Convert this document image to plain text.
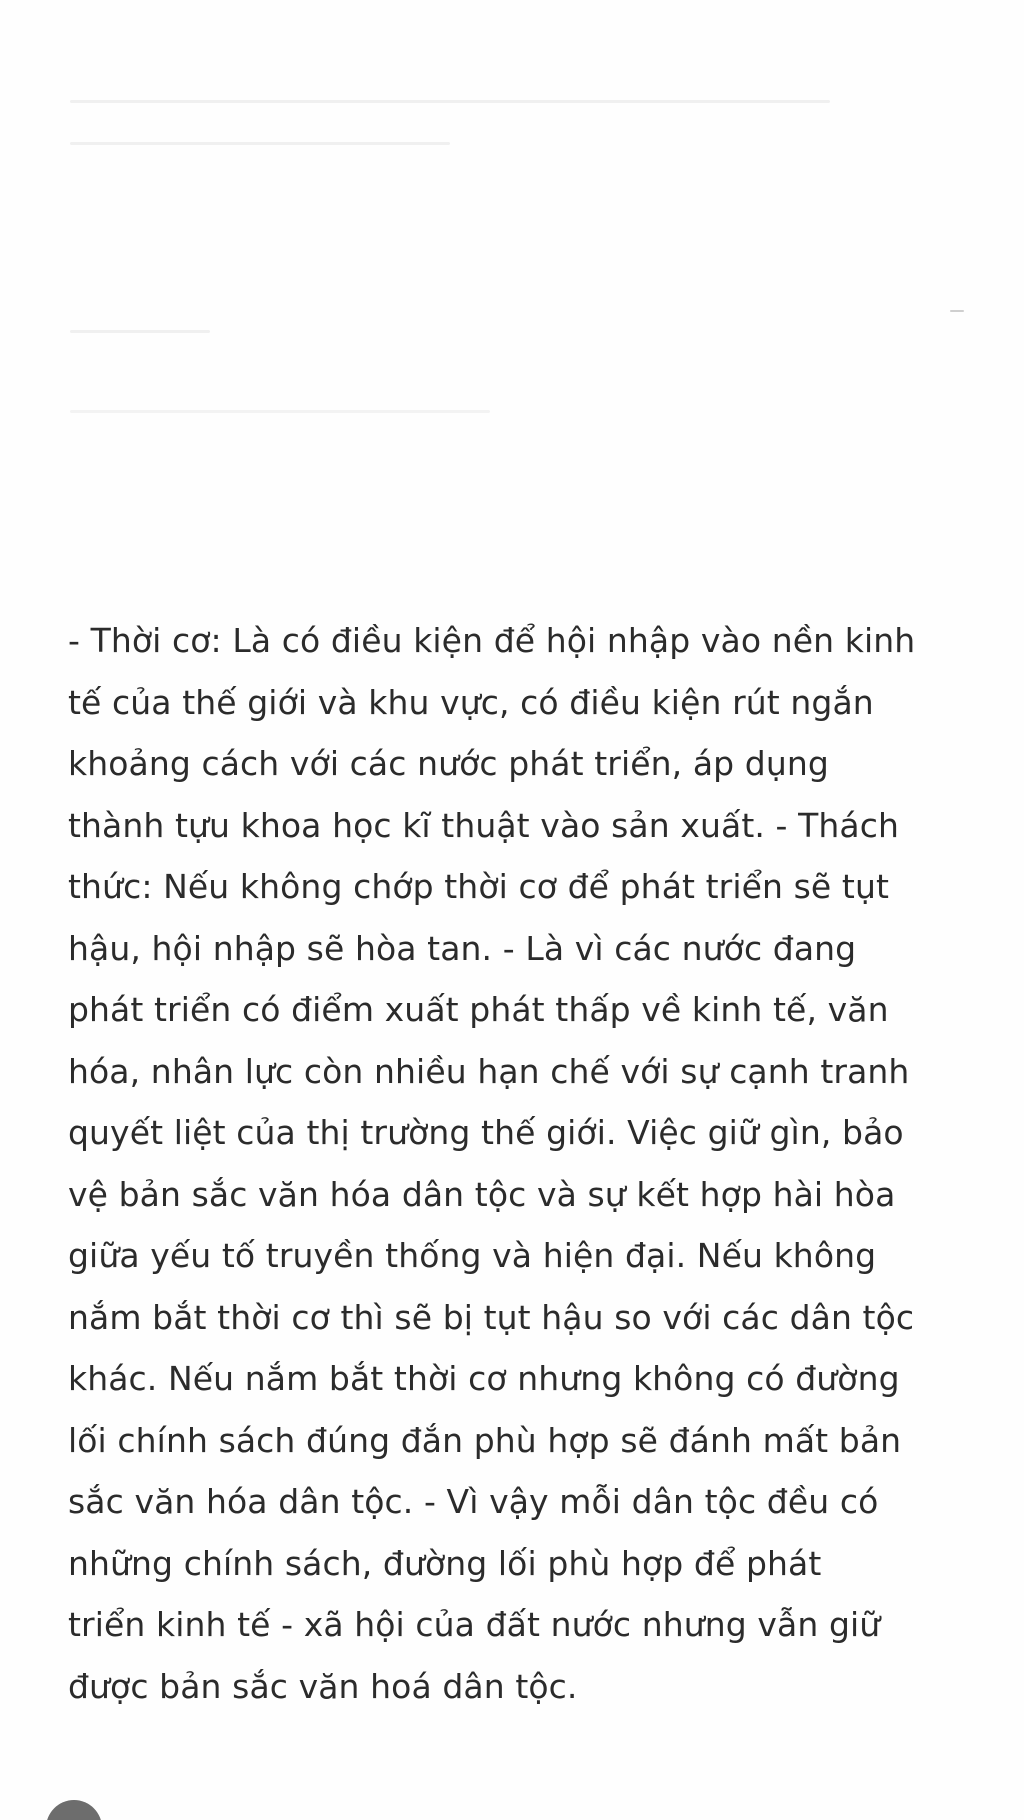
- Thời cơ: Là có điều kiện để hội nhập vào nền kinh

tế của thế giới và khu vực, có điều kiện rút ngắn

khoảng cách với các nước phát triển, áp dụng

thành tựu khoa học kĩ thuật vào sản xuất. - Thách

thức: Nếu không chớp thời cơ để phát triển sẽ tụt

hậu, hội nhập sẽ hòa tan. - Là vì các nước đang

phát triển có điểm xuất phát thấp về kinh tế, văn

hóa, nhân lực còn nhiều hạn chế với sự cạnh tranh

quyết liệt của thị trường thế giới. Việc giữ gìn, bảo

vệ bản sắc văn hóa dân tộc và sự kết hợp hài hòa

giữa yếu tố truyền thống và hiện đại. Nếu không

nắm bắt thời cơ thì sẽ bị tụt hậu so với các dân tộc

khác. Nếu nắm bắt thời cơ nhưng không có đường

lối chính sách đúng đắn phù hợp sẽ đánh mất bản

sắc văn hóa dân tộc. - Vì vậy mỗi dân tộc đều có

những chính sách, đường lối phù hợp để phát

triển kinh tế - xã hội của đất nước nhưng vẫn giữ

được bản sắc văn hoá dân tộc.
